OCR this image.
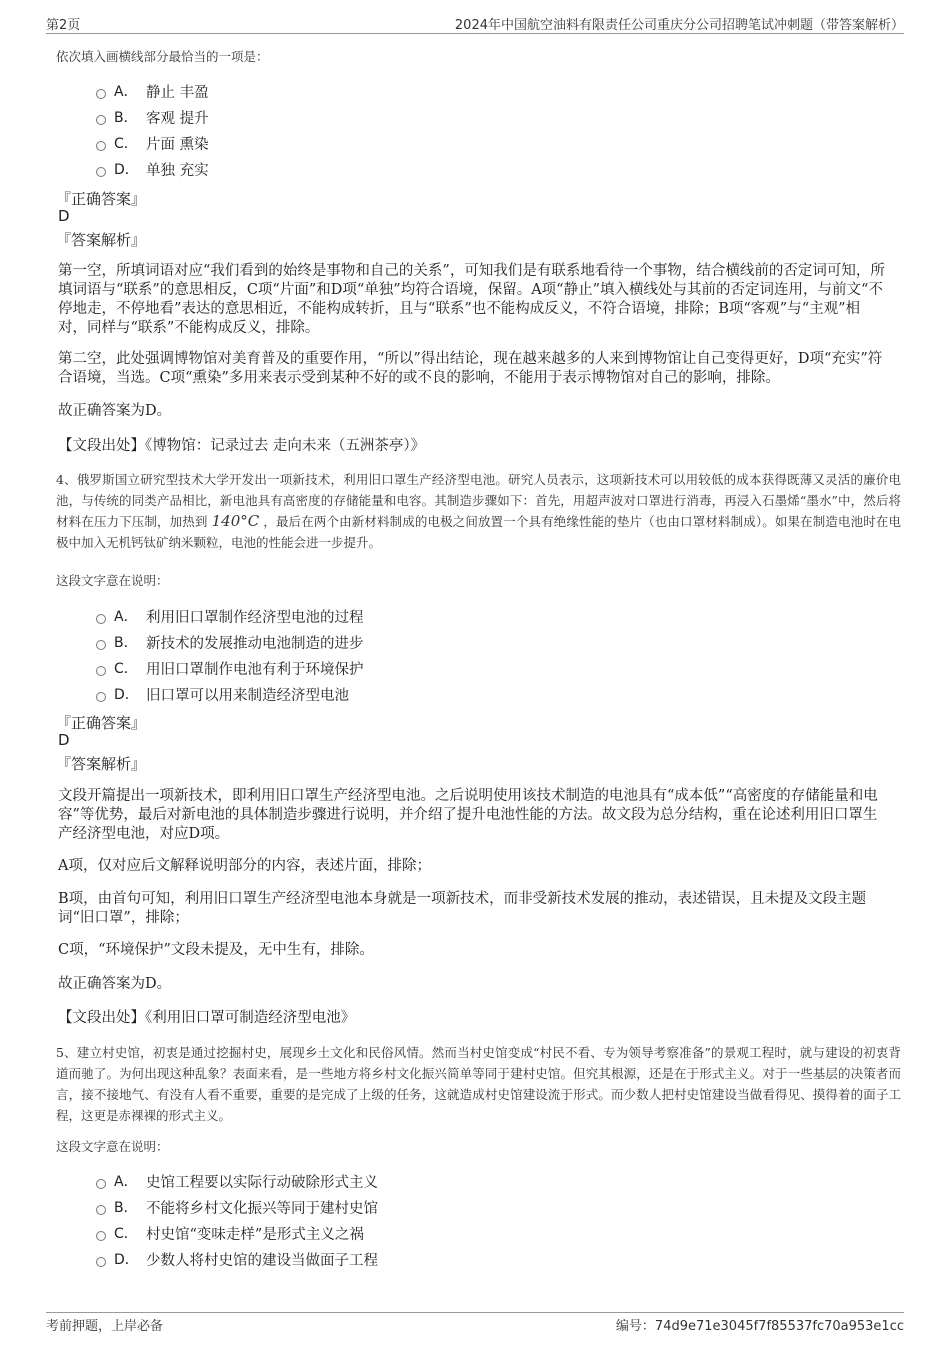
第2页	2024年中国航空油料有限责任公司重庆分公司招聘笔试冲刺题（带答案解析）
依次填入画横线部分最恰当的一项是：
A． 静止 丰盈
B． 客观 提升
C． 片面 熏染
D． 单独 充实
『正确答案』
D
『答案解析』
第一空，所填词语对应“我们看到的始终是事物和自己的关系”，可知我们是有联系地看待一个事物，结合横线前的否定词可知，所填词语与“联系”的意思相反，C项“片面”和D项“单独”均符合语境，保留。A项“静止”填入横线处与其前的否定词连用，与前文“不停地走，不停地看”表达的意思相近，不能构成转折，且与“联系”也不能构成反义，不符合语境，排除；B项“客观”与“主观”相对，同样与“联系”不能构成反义，排除。
第二空，此处强调博物馆对美育普及的重要作用，“所以”得出结论，现在越来越多的人来到博物馆让自己变得更好，D项“充实”符合语境，当选。C项“熏染”多用来表示受到某种不好的或不良的影响，不能用于表示博物馆对自己的影响，排除。
故正确答案为D。
【文段出处】《博物馆：记录过去 走向未来（五洲茶亭）》
4、俄罗斯国立研究型技术大学开发出一项新技术，利用旧口罩生产经济型电池。研究人员表示，这项新技术可以用较低的成本获得既薄又灵活的廉价电池，与传统的同类产品相比，新电池具有高密度的存储能量和电容。其制造步骤如下：首先，用超声波对口罩进行消毒，再浸入石墨烯“墨水”中，然后将材料在压力下压制，加热到 140°C ，最后在两个由新材料制成的电极之间放置一个具有绝缘性能的垫片（也由口罩材料制成）。如果在制造电池时在电极中加入无机钙钛矿纳米颗粒，电池的性能会进一步提升。
这段文字意在说明：
A． 利用旧口罩制作经济型电池的过程
B． 新技术的发展推动电池制造的进步
C． 用旧口罩制作电池有利于环境保护
D． 旧口罩可以用来制造经济型电池
『正确答案』
D
『答案解析』
文段开篇提出一项新技术，即利用旧口罩生产经济型电池。之后说明使用该技术制造的电池具有“成本低”“高密度的存储能量和电容”等优势，最后对新电池的具体制造步骤进行说明，并介绍了提升电池性能的方法。故文段为总分结构，重在论述利用旧口罩生产经济型电池，对应D项。
A项，仅对应后文解释说明部分的内容，表述片面，排除；
B项，由首句可知，利用旧口罩生产经济型电池本身就是一项新技术，而非受新技术发展的推动，表述错误，且未提及文段主题词“旧口罩”，排除；
C项，“环境保护”文段未提及，无中生有，排除。
故正确答案为D。
【文段出处】《利用旧口罩可制造经济型电池》
5、建立村史馆，初衷是通过挖掘村史，展现乡土文化和民俗风情。然而当村史馆变成“村民不看、专为领导考察准备”的景观工程时，就与建设的初衷背道而驰了。为何出现这种乱象？表面来看，是一些地方将乡村文化振兴简单等同于建村史馆。但究其根源，还是在于形式主义。对于一些基层的决策者而言，接不接地气、有没有人看不重要，重要的是完成了上级的任务，这就造成村史馆建设流于形式。而少数人把村史馆建设当做看得见、摸得着的面子工程，这更是赤裸裸的形式主义。
这段文字意在说明：
A． 史馆工程要以实际行动破除形式主义
B． 不能将乡村文化振兴等同于建村史馆
C． 村史馆“变味走样”是形式主义之祸
D． 少数人将村史馆的建设当做面子工程
考前押题，上岸必备	编号：74d9e71e3045f7f85537fc70a953e1cc
